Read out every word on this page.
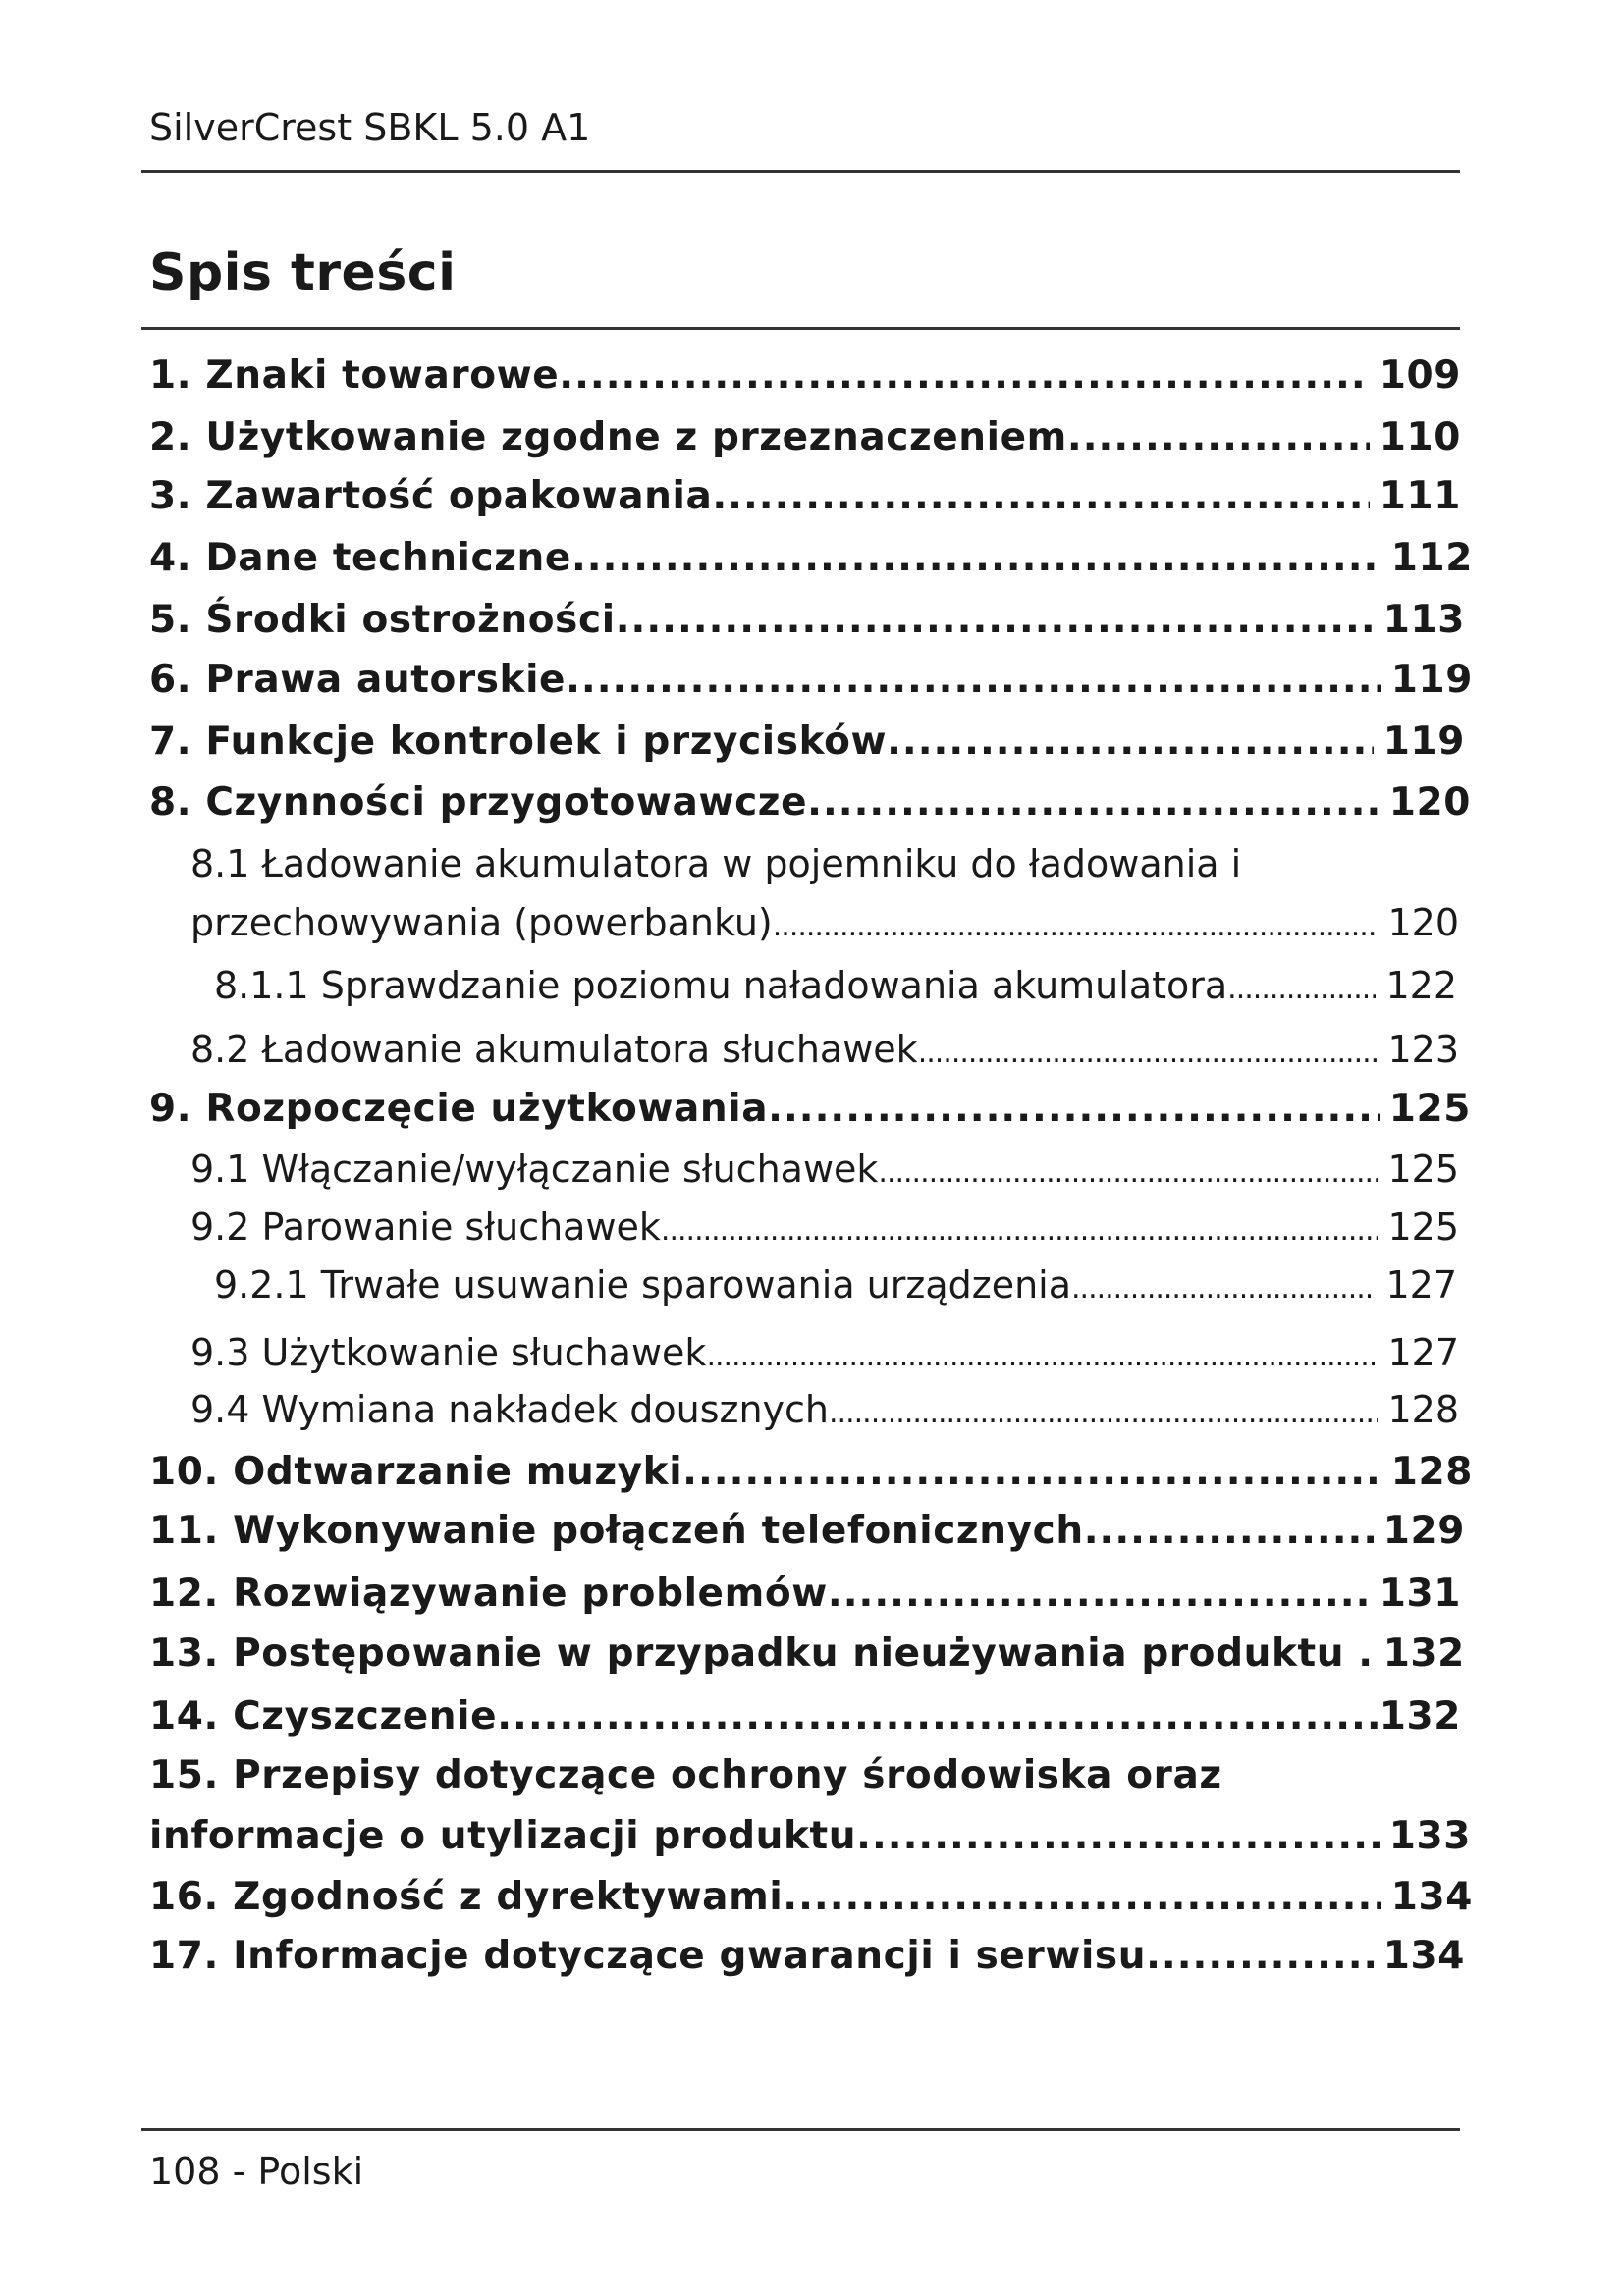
SilverCrest SBKL 5.0 A1
Spis treści
1. Znaki towarowe .....	109
2. Użytkowanie zgodne z przeznaczeniem .....	110
3. Zawartość opakowania .....	111
4. Dane techniczne .....	112
5. Środki ostrożności .....	113
6. Prawa autorskie .....	119
7. Funkcje kontrolek i przycisków .....	119
8. Czynności przygotowawcze .....	120
8.1 Ładowanie akumulatora w pojemniku do ładowania i
przechowywania (powerbanku) .....	120
8.1.1 Sprawdzanie poziomu naładowania akumulatora .....	122
8.2 Ładowanie akumulatora słuchawek .....	123
9. Rozpoczęcie użytkowania .....	125
9.1 Włączanie/wyłączanie słuchawek .....	125
9.2 Parowanie słuchawek .....	125
9.2.1 Trwałe usuwanie sparowania urządzenia .....	127
9.3 Użytkowanie słuchawek .....	127
9.4 Wymiana nakładek dousznych .....	128
10. Odtwarzanie muzyki .....	128
11. Wykonywanie połączeń telefonicznych .....	129
12. Rozwiązywanie problemów .....	131
13. Postępowanie w przypadku nieużywania produktu . 132
14. Czyszczenie .....	132
15. Przepisy dotyczące ochrony środowiska oraz
informacje o utylizacji produktu .....	133
16. Zgodność z dyrektywami .....	134
17. Informacje dotyczące gwarancji i serwisu .....	134
108 - Polski
